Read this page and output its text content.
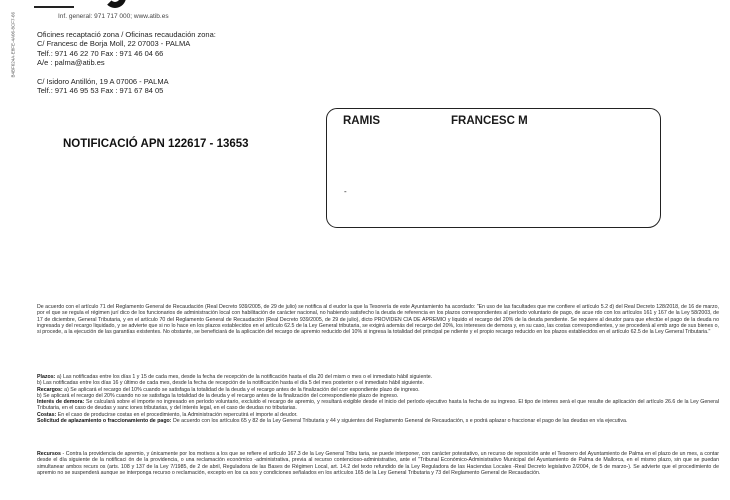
B4BF624A-E8FE-4A06-8CF7-66	Inf. general: 971 717 000; www.atib.es
Oficines recaptació zona / Oficinas recaudación zona:
C/ Francesc de Borja Moll, 22 07003 - PALMA
Telf.: 971 46 22 70 Fax : 971 46 04 66
A/e : palma@atib.es
C/ Isidoro Antillón, 19 A 07006 - PALMA
Telf.: 971 46 95 53 Fax : 971 67 84 05
NOTIFICACIÓ APN 122617 - 13653
RAMIS	FRANCESC M
-

De acuerdo con el artículo 71 del Reglamento General de Recaudación (Real Decreto 939/2005, de 29 de julio) se notifica al d eudor la que la Tesorería de este Ayuntamiento ha acordado: "En uso de las facultades que me confiere el artículo 5.2 d) del Real Decreto 128/2018, de 16 de marzo, por el que se regula el régimen jurí dico de los funcionarios de administración local con habilitación de carácter nacional, no habiendo satisfecho la deuda de referencia en los plazos correspondientes al período voluntario de pago, de acue rdo con los artículos 161 y 167 de la Ley 58/2003, de 17 de diciembre, General Tributaria, y en el artículo 70 del Reglamento General de Recaudación (Real Decreto 939/2005, de 29 de julio), dicto PROVIDEN CIA DE APREMIO y liquido el recargo del 20% de la deuda pendiente. Se requiere al deudor para que efectúe el pago de la deuda no ingresada y del recargo liquidado, y se advierte que si no lo hace en los plazos establecidos en el artículo 62.5 de la Ley General tributaria, se exigirá además del recargo del 20%, los intereses de demora y, en su caso, las costas correspondientes, y se procederá al emb argo de sus bienes o, si procede, a la ejecución de las garantías existentes. No obstante, se beneficiará de la aplicación del recargo de apremio reducido del 10% si ingresa la totalidad del principal pe ndiente y el propio recargo reducido en los plazos establecidos en el artículo 62.5 de la Ley General Tributaria."

Plazos: a) Las notificadas entre los días 1 y 15 de cada mes, desde la fecha de recepción de la notificación hasta el día 20 del mism o mes o el inmediato hábil siguiente.

b) Las notificadas entre los días 16 y último de cada mes, desde la fecha de recepción de la notificación hasta el día 5 del mes posterior o el inmediato hábil siguiente.

Recargos: a) Se aplicará el recargo del 10% cuando se satisfaga la totalidad de la deuda y el recargo antes de la finalización del corr espondiente plazo de ingreso.

b) Se aplicará el recargo del 20% cuando no se satisfaga la totalidad de la deuda y el recargo antes de la finalización del correspondiente plazo de ingreso.

Interés de demora: Se calculará sobre el importe no ingresado en período voluntario, excluido el recargo de apremio, y resultará exigible desde el inicio del período ejecutivo hasta la fecha de su ingreso. El tipo de interes será el que resulte de aplicación del artículo 26.6 de la Ley General Tributaria, en el caso de deudas y sanc iones tributarias, y del interés legal, en el caso de deudas no tributarias.

Costas: En el caso de producirse costas en el procedimiento, la Administración repercutirá el importe al deudor.

Solicitud de aplazamiento o fraccionamiento de pago: De acuerdo con los artículos 65 y 82 de la Ley General Tributaria y 44 y siguientes del Reglamento General de Recaudación, s e podrá aplazar o fraccionar el pago de las deudas en vía ejecutiva.

Recursos - Contra la providencia de apremio, y únicamente por los motivos a los que se refiere el artículo 167.3 de la Ley General Tribu taria, se puede interponer, con carácter potestativo, un recurso de reposición ante el Tesorero del Ayuntamiento de Palma en el plazo de un mes, a contar desde el día siguiente de la notificaci ón de la providencia, o una reclamación económico -administrativa, previa al recurso contencioso-administrativo, ante el "Tribunal Económico-Administrativo Municipal del Ayuntamiento de Palma de Mallorca, en el mismo plazo, sin que se puedan simultanear ambos recurs os (arts. 108 y 137 de la Ley 7/1985, de 2 de abril, Reguladora de las Bases de Régimen Local, art. 14.2 del texto refundido de la Ley Reguladora de las Haciendas Locales -Real Decreto legislativo 2/2004, de 5 de marzo-). Se advierte que el procedimiento de apremio no se suspenderá aunque se interponga recurso o reclamación, excepto en los ca sos y condiciones señalados en los artículos 165 de la Ley General Tributaria y 73 del Reglamento General de Recaudación.
